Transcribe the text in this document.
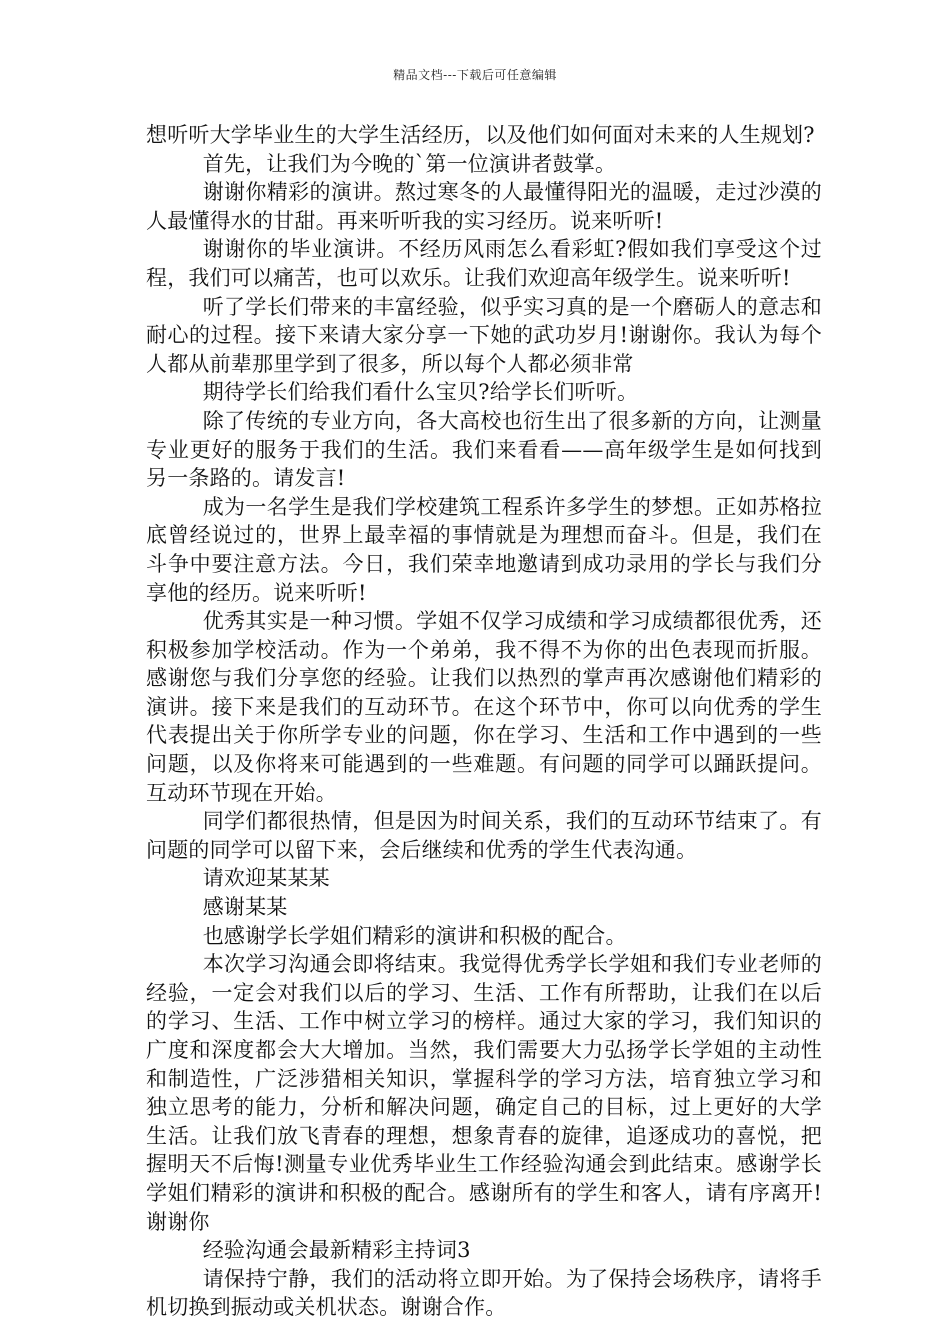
精品文档---下载后可任意编辑

想听听大学毕业生的大学生活经历，以及他们如何面对未来的人生规划?

首先，让我们为今晚的`第一位演讲者鼓掌。

谢谢你精彩的演讲。熬过寒冬的人最懂得阳光的温暖，走过沙漠的人最懂得水的甘甜。再来听听我的实习经历。说来听听!

谢谢你的毕业演讲。不经历风雨怎么看彩虹?假如我们享受这个过程，我们可以痛苦，也可以欢乐。让我们欢迎高年级学生。说来听听!

听了学长们带来的丰富经验，似乎实习真的是一个磨砺人的意志和耐心的过程。接下来请大家分享一下她的武功岁月!谢谢你。我认为每个人都从前辈那里学到了很多，所以每个人都必须非常

期待学长们给我们看什么宝贝?给学长们听听。

除了传统的专业方向，各大高校也衍生出了很多新的方向，让测量专业更好的服务于我们的生活。我们来看看——高年级学生是如何找到另一条路的。请发言!

成为一名学生是我们学校建筑工程系许多学生的梦想。正如苏格拉底曾经说过的，世界上最幸福的事情就是为理想而奋斗。但是，我们在斗争中要注意方法。今日，我们荣幸地邀请到成功录用的学长与我们分享他的经历。说来听听!

优秀其实是一种习惯。学姐不仅学习成绩和学习成绩都很优秀，还积极参加学校活动。作为一个弟弟，我不得不为你的出色表现而折服。感谢您与我们分享您的经验。让我们以热烈的掌声再次感谢他们精彩的演讲。接下来是我们的互动环节。在这个环节中，你可以向优秀的学生代表提出关于你所学专业的问题，你在学习、生活和工作中遇到的一些问题，以及你将来可能遇到的一些难题。有问题的同学可以踊跃提问。互动环节现在开始。

同学们都很热情，但是因为时间关系，我们的互动环节结束了。有问题的同学可以留下来，会后继续和优秀的学生代表沟通。

请欢迎某某某

感谢某某

也感谢学长学姐们精彩的演讲和积极的配合。

本次学习沟通会即将结束。我觉得优秀学长学姐和我们专业老师的经验，一定会对我们以后的学习、生活、工作有所帮助，让我们在以后的学习、生活、工作中树立学习的榜样。通过大家的学习，我们知识的广度和深度都会大大增加。当然，我们需要大力弘扬学长学姐的主动性和制造性，广泛涉猎相关知识，掌握科学的学习方法，培育独立学习和独立思考的能力，分析和解决问题，确定自己的目标，过上更好的大学生活。让我们放飞青春的理想，想象青春的旋律，追逐成功的喜悦，把握明天不后悔!测量专业优秀毕业生工作经验沟通会到此结束。感谢学长学姐们精彩的演讲和积极的配合。感谢所有的学生和客人，请有序离开!谢谢你

经验沟通会最新精彩主持词3

请保持宁静，我们的活动将立即开始。为了保持会场秩序，请将手机切换到振动或关机状态。谢谢合作。
